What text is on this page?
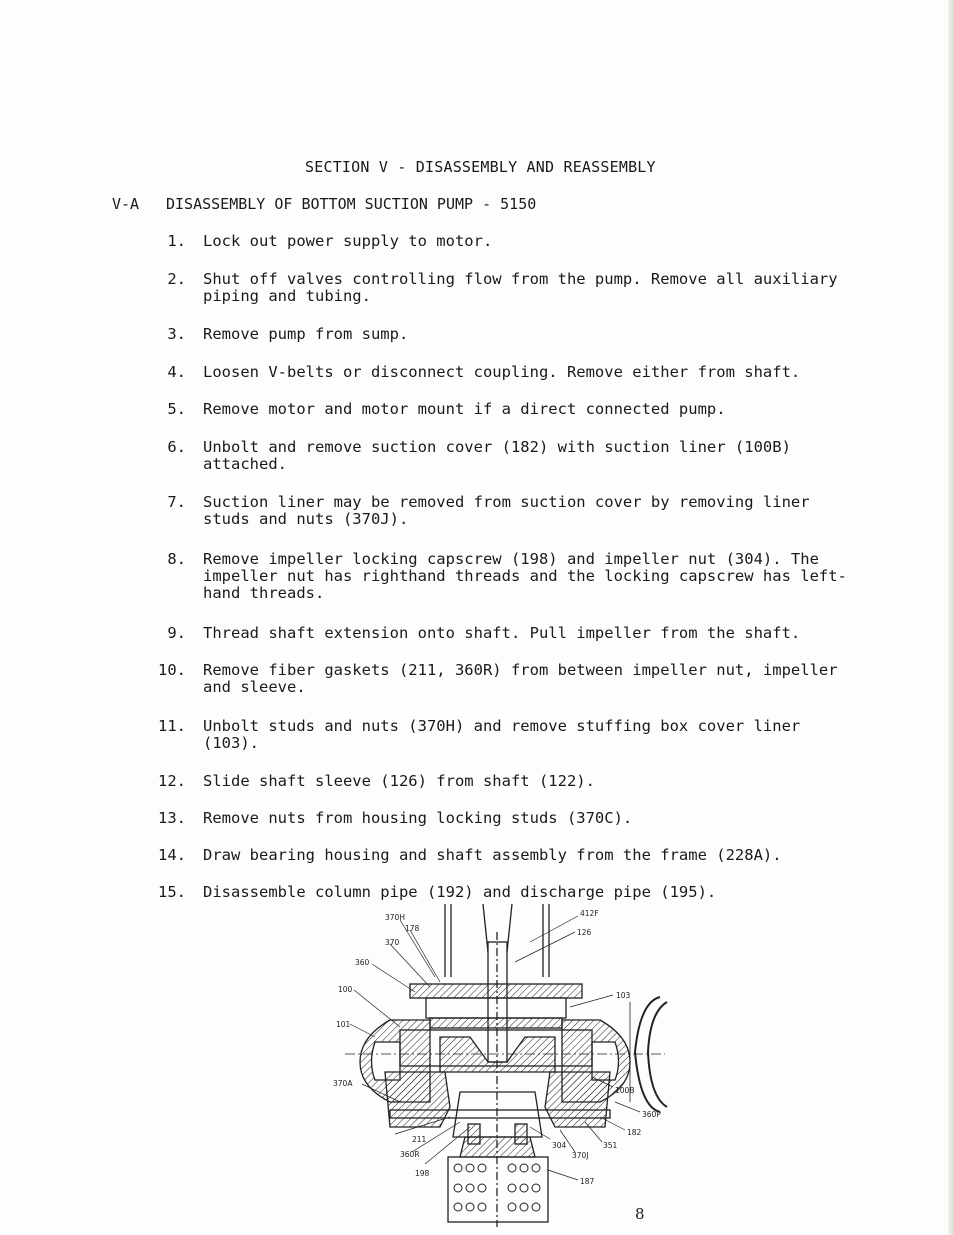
SECTION V - DISASSEMBLY AND REASSEMBLY
V-A DISASSEMBLY OF BOTTOM SUCTION PUMP - 5150
1. Lock out power supply to motor.
2. Shut off valves controlling flow from the pump. Remove all auxiliary
piping and tubing.
3. Remove pump from sump.
4. Loosen V-belts or disconnect coupling. Remove either from shaft.
5. Remove motor and motor mount if a direct connected pump.
6. Unbolt and remove suction cover (182) with suction liner (100B)
attached.
7. Suction liner may be removed from suction cover by removing liner
studs and nuts (370J).
8. Remove impeller locking capscrew (198) and impeller nut (304). The
impeller nut has righthand threads and the locking capscrew has left-
hand threads.
9. Thread shaft extension onto shaft. Pull impeller from the shaft.
10. Remove fiber gaskets (211, 360R) from between impeller nut, impeller
and sleeve.
11. Unbolt studs and nuts (370H) and remove stuffing box cover liner
(103).
12. Slide shaft sleeve (126) from shaft (122).
13. Remove nuts from housing locking studs (370C).
14. Draw bearing housing and shaft assembly from the frame (228A).
15. Disassemble column pipe (192) and discharge pipe (195).
370H
178
370
360
100
101
370A
211
360R
198
412F
126
103
100B
360P
182
304	351
370J
187
8
